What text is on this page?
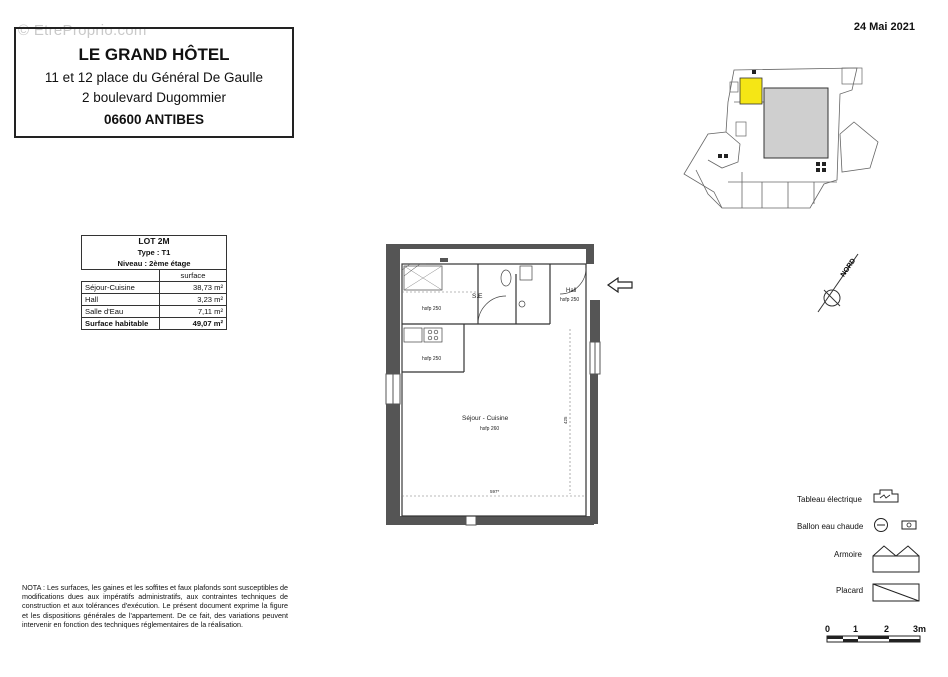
© EtreProprio.com
LE GRAND HÔTEL
11 et 12 place du Général De Gaulle
2 boulevard Dugommier
06600 ANTIBES
24 Mai 2021
LOT 2M	
Type : T1	
Niveau : 2ème étage	
	surface
Séjour-Cuisine	38,73 m²
Hall	3,23 m²
Salle d'Eau	7,11 m²
Surface habitable	49,07 m²
NORD
S.E
hsfp 250
Hall
hsfp 250
hsfp 250
Séjour - Cuisine
hsfp 260
597*
425
Tableau électrique
Ballon eau chaude
Armoire
Placard
0	1	2	3m
NOTA : Les surfaces, les gaines et les soffites et faux plafonds sont susceptibles de modifications dues aux impératifs administratifs, aux contraintes techniques de construction et aux tolérances d'exécution. Le présent document exprime la figure et les dispositions générales de l'appartement. De ce fait, des variations peuvent intervenir en fonction des techniques réglementaires de la réalisation.
